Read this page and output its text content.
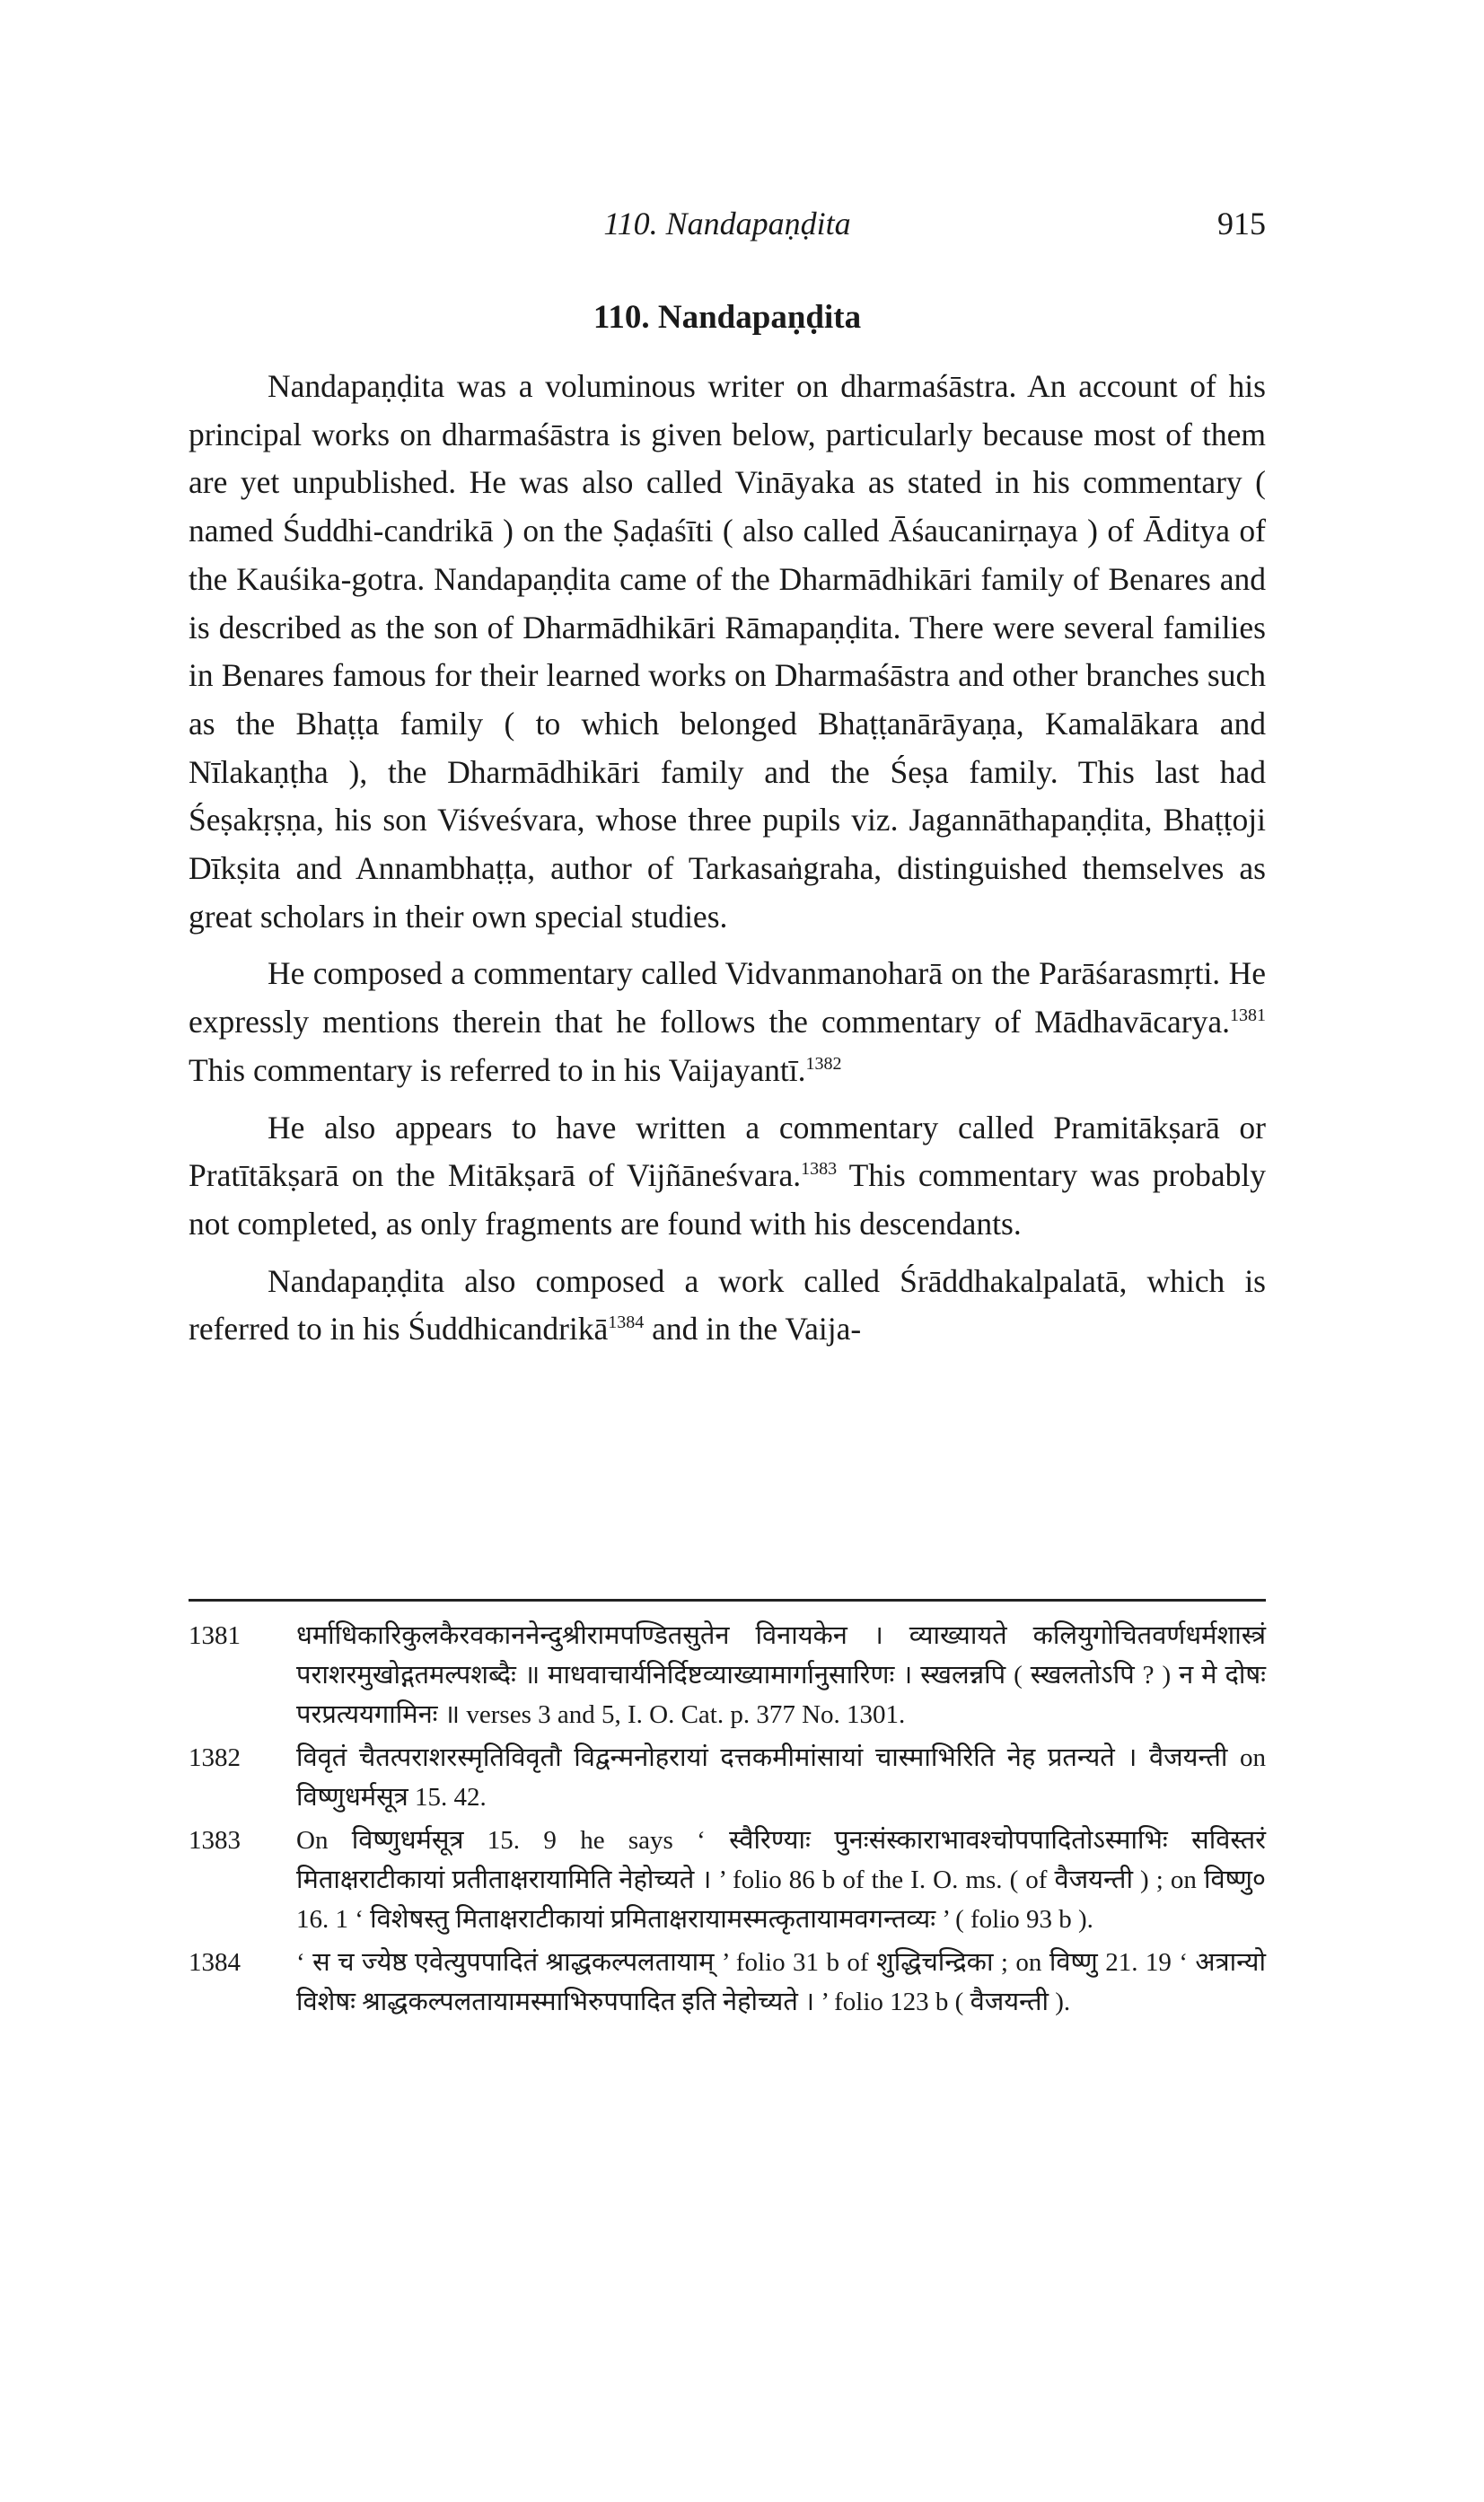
110. Nandapaṇḍita	915
110. Nandapaṇḍita

Nandapaṇḍita was a voluminous writer on dharmaśāstra. An account of his principal works on dharmaśāstra is given below, particularly because most of them are yet unpublished. He was also called Vināyaka as stated in his commentary ( named Śuddhi-candrikā ) on the Ṣaḍaśīti ( also called Āśaucanirṇaya ) of Āditya of the Kauśika-gotra. Nandapaṇḍita came of the Dharmādhikāri family of Benares and is described as the son of Dharmādhikāri Rāmapaṇḍita. There were several families in Benares famous for their learned works on Dharmaśāstra and other branches such as the Bhaṭṭa family ( to which belonged Bhaṭṭanārāyaṇa, Kamalākara and Nīlakaṇṭha ), the Dharmādhikāri family and the Śeṣa family. This last had Śeṣakṛṣṇa, his son Viśveśvara, whose three pupils viz. Jagannāthapaṇḍita, Bhaṭṭoji Dīkṣita and Annambhaṭṭa, author of Tarkasaṅgraha, distinguished themselves as great scholars in their own special studies.

He composed a commentary called Vidvanmanoharā on the Parāśarasmṛti. He expressly mentions therein that he follows the commentary of Mādhavācarya.$^{1381}$ This commentary is referred to in his Vaijayantī.$^{1382}$

He also appears to have written a commentary called Pramitākṣarā or Pratītākṣarā on the Mitākṣarā of Vijñāneśvara.$^{1383}$ This commentary was probably not completed, as only fragments are found with his descendants.

Nandapaṇḍita also composed a work called Śrāddhakalpalatā, which is referred to in his Śuddhicandrikā$^{1384}$ and in the Vaija-

1381	धर्माधिकारिकुलकैरवकाननेन्दुश्रीरामपण्डितसुतेन विनायकेन । व्याख्यायते कलियुगोचितवर्णधर्मशास्त्रं पराशरमुखोद्गतमल्पशब्दैः ॥ माधवाचार्यनिर्दिष्टव्याख्यामार्गानुसारिणः । स्खलन्नपि ( स्खलतोऽपि ? ) न मे दोषः परप्रत्ययगामिनः ॥ verses 3 and 5, I. O. Cat. p. 377 No. 1301.
1382	विवृतं चैतत्पराशरस्मृतिविवृतौ विद्वन्मनोहरायां दत्तकमीमांसायां चास्माभिरिति नेह प्रतन्यते । वैजयन्ती on विष्णुधर्मसूत्र 15. 42.
1383	On विष्णुधर्मसूत्र 15. 9 he says ‘ स्वैरिण्याः पुनःसंस्काराभावश्चोपपादितोऽस्माभिः सविस्तरं मिताक्षराटीकायां प्रतीताक्षरायामिति नेहोच्यते । ’ folio 86 b of the I. O. ms. ( of वैजयन्ती ) ; on विष्णु० 16. 1 ‘ विशेषस्तु मिताक्षराटीकायां प्रमिताक्षरायामस्मत्कृतायामवगन्तव्यः ’ ( folio 93 b ).
1384	‘ स च ज्येष्ठ एवेत्युपपादितं श्राद्धकल्पलतायाम् ’ folio 31 b of शुद्धिचन्द्रिका ; on विष्णु 21. 19 ‘ अत्रान्यो विशेषः श्राद्धकल्पलतायामस्माभिरुपपादित इति नेहोच्यते । ’ folio 123 b ( वैजयन्ती ).
